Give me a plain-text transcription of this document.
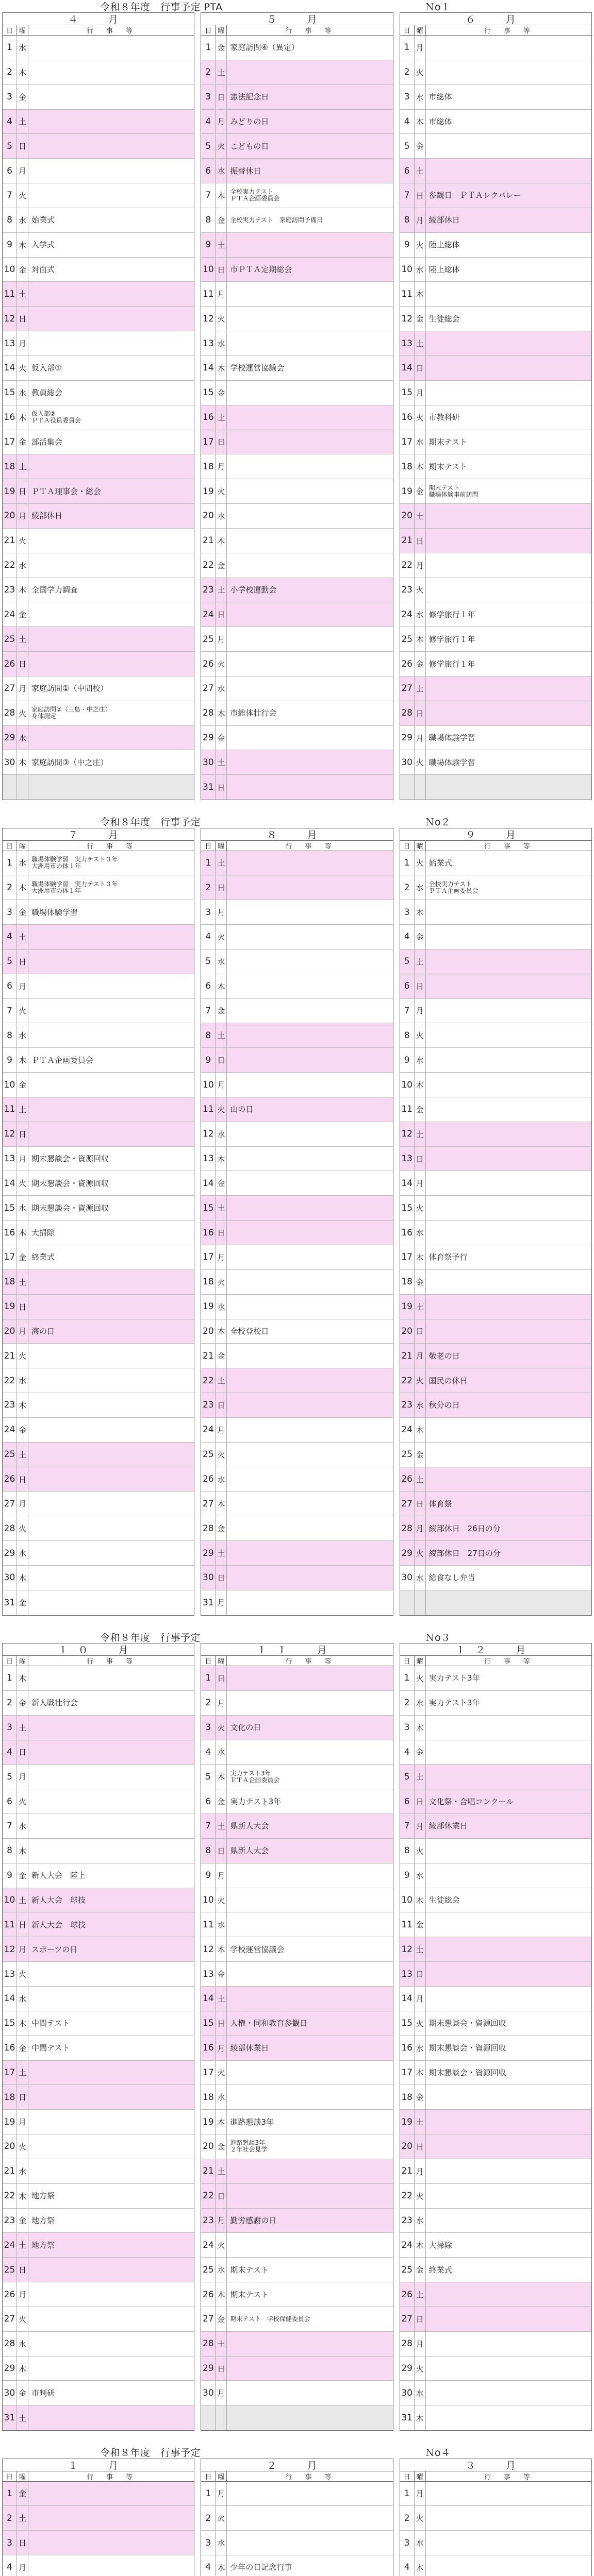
令和８年度　行事予定 PTA	Ｎo１
４　月
日 曜	行　事　等
1 水
2 木
3 金
4 土
5 日
6 月
7 火
8 水 始業式
9 木 入学式
10 金 対面式
11 土
12 日
13 月
14 火 仮入部①
15 水 教員総会
16 木 仮入部②
ＰＴＡ役員委員会
17 金 部活集会
18 土
19 日 ＰＴＡ理事会・総会
20 月 綾部休日
21 火
22 水
23 木 全国学力調査
24 金
25 土
26 日
27 月 家庭訪問①（中間校）
28 火 家庭訪問②（三島・中之庄）
身体測定
29 水
30 木 家庭訪問③（中之庄）
５　月
日 曜	行　事　等
1 金 家庭訪問④（異定）
2 土
3 日 憲法記念日
4 月 みどりの日
5 火 こどもの日
6 水 振替休日
7 木 全校実力テスト
ＰＴＡ企画委員会
8 金 全校実力テスト　家庭訪問予備日
9 土
10 日 市ＰＴＡ定期総会
11 月
12 火
13 水
14 木 学校運営協議会
15 金
16 土
17 日
18 月
19 火
20 水
21 木
22 金
23 土 小学校運動会
24 日
25 月
26 火
27 水
28 木 市総体壮行会
29 金
30 土
31 日
６　月
日 曜	行　事　等
1 月
2 火
3 水 市総体
4 木 市総体
5 金
6 土
7 日 参観日　ＰＴＡレクバレー
8 月 綾部休日
9 火 陸上総体
10 水 陸上総体
11 木
12 金 生徒総会
13 土
14 日
15 月
16 火 市教科研
17 水 期末テスト
18 木 期末テスト
19 金 期末テスト
職場体験事前訪問
20 土
21 日
22 月
23 火
24 水 修学旅行１年
25 木 修学旅行１年
26 金 修学旅行１年
27 土
28 日
29 月 職場体験学習
30 火 職場体験学習
令和８年度　行事予定	Ｎo２
７　月
日 曜	行　事　等
1 水 職場体験学習　実力テスト３年
大洲用市の体１年
2 木 職場体験学習　実力テスト３年
大洲用市の体１年
3 金 職場体験学習
4 土
5 日
6 月
7 火
8 水
9 木 ＰＴＡ企画委員会
10 金
11 土
12 日
13 月 期末懇談会・資源回収
14 火 期末懇談会・資源回収
15 水 期末懇談会・資源回収
16 木 大掃除
17 金 終業式
18 土
19 日
20 月 海の日
21 火
22 水
23 木
24 金
25 土
26 日
27 月
28 火
29 水
30 木
31 金
８　月
日 曜	行　事　等
1 土
2 日
3 月
4 火
5 水
6 木
7 金
8 土
9 日
10 月
11 火 山の日
12 水
13 木
14 金
15 土
16 日
17 月
18 火
19 水
20 木 全校登校日
21 金
22 土
23 日
24 月
25 火
26 水
27 木
28 金
29 土
30 日
31 月
９　月
日 曜	行　事　等
1 火 始業式
2 水 全校実力テスト
ＰＴＡ企画委員会
3 木
4 金
5 土
6 日
7 月
8 火
9 水
10 木
11 金
12 土
13 日
14 月
15 火
16 水
17 木 体育祭予行
18 金
19 土
20 日
21 月 敬老の日
22 火 国民の休日
23 水 秋分の日
24 木
25 金
26 土
27 日 体育祭
28 月 綾部休日　26日の分
29 火 綾部休日　27日の分
30 水 給食なし弁当
令和８年度　行事予定	Ｎo３
１０　月
日 曜	行　事　等
1 木
2 金 新人戦壮行会
3 土
4 日
5 月
6 火
7 水
8 木
9 金 新人大会　陸上
10 土 新人大会　球技
11 日 新人大会　球技
12 月 スポーツの日
13 火
14 水
15 木 中間テスト
16 金 中間テスト
17 土
18 日
19 月
20 火
21 水
22 木 地方祭
23 金 地方祭
24 土 地方祭
25 日
26 月
27 火
28 水
29 木
30 金 市判研
31 土
１１　月
日 曜	行　事　等
1 日
2 月
3 火 文化の日
4 水
5 木 実力テスト3年
ＰＴＡ企画委員会
6 金 実力テスト3年
7 土 県新人大会
8 日 県新人大会
9 月
10 火
11 水
12 木 学校運営協議会
13 金
14 土
15 日 人権・同和教育参観日
16 月 綾部休業日
17 火
18 水
19 木 進路懇談3年
20 金 進路懇談3年
２年社会見学
21 土
22 日
23 月 勤労感謝の日
24 火
25 水 期末テスト
26 木 期末テスト
27 金 期末テスト　学校保健委員会
28 土
29 日
30 月
１２　月
日 曜	行　事　等
1 火 実力テスト3年
2 水 実力テスト3年
3 木
4 金
5 土
6 日 文化祭・合唱コンクール
7 月 綾部休業日
8 火
9 水
10 木 生徒総会
11 金
12 土
13 日
14 月
15 火 期末懇談会・資源回収
16 水 期末懇談会・資源回収
17 木 期末懇談会・資源回収
18 金
19 土
20 日
21 月
22 火
23 水
24 木 大掃除
25 金 終業式
26 土
27 日
28 月
29 火
30 水
31 木
令和８年度　行事予定	Ｎo４
１　月
日 曜	行　事　等
1 金
2 土
3 日
4 月
２　月
日 曜	行　事　等
1 月
2 火
3 水
4 木 少年の日記念行事
３　月
日 曜	行　事　等
1 月
2 火
3 水
4 木
